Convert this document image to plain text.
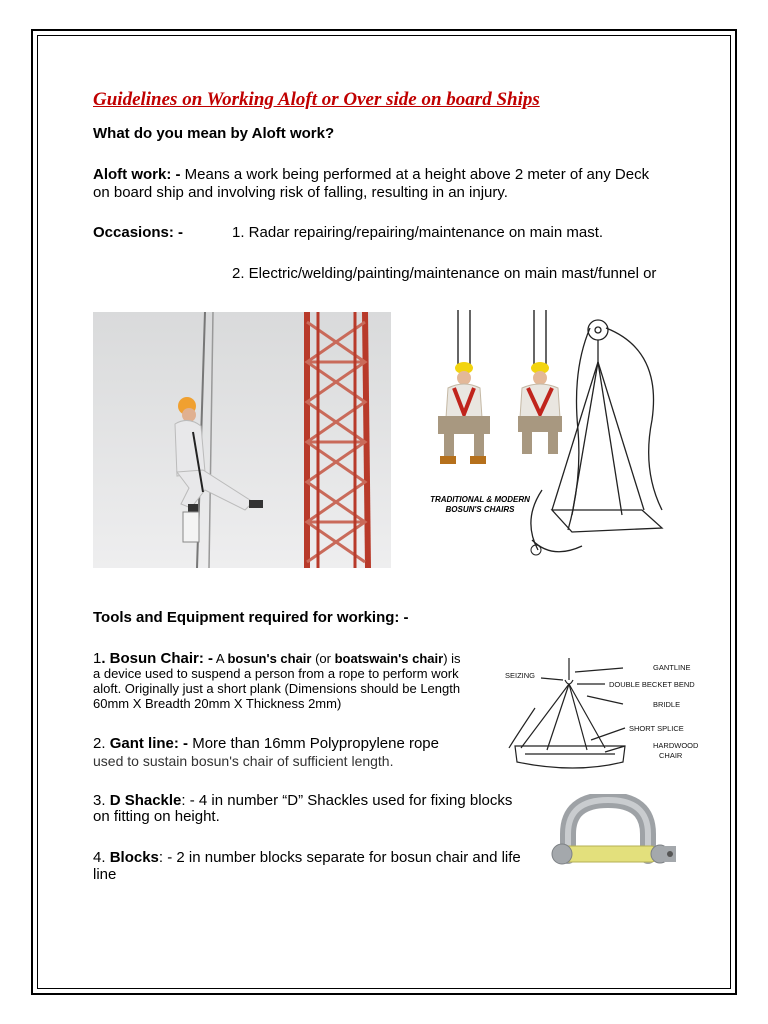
Guidelines on Working Aloft or Over side on board Ships
What do you mean by Aloft work?
Aloft work: - Means a work being performed at a height above 2 meter of any Deck
on board ship and involving risk of falling, resulting in an injury.
Occasions: -	1. Radar repairing/repairing/maintenance on main mast.
2. Electric/welding/painting/maintenance on main mast/funnel or
TRADITIONAL & MODERN
BOSUN'S CHAIRS
Tools and Equipment required for working: -
1. Bosun Chair: - A bosun's chair (or boatswain's chair) is
a device used to suspend a person from a rope to perform work
aloft. Originally just a short plank (Dimensions should be Length
60mm X Breadth 20mm X Thickness 2mm)
SEIZING
GANTLINE
DOUBLE BECKET BEND
BRIDLE
SHORT SPLICE
HARDWOOD
CHAIR
2. Gant line: - More than 16mm Polypropylene rope
used to sustain bosun's chair of sufficient length.
3. D Shackle: - 4 in number “D” Shackles used for fixing blocks
on fitting on height.
4. Blocks: - 2 in number blocks separate for bosun chair and life
line
